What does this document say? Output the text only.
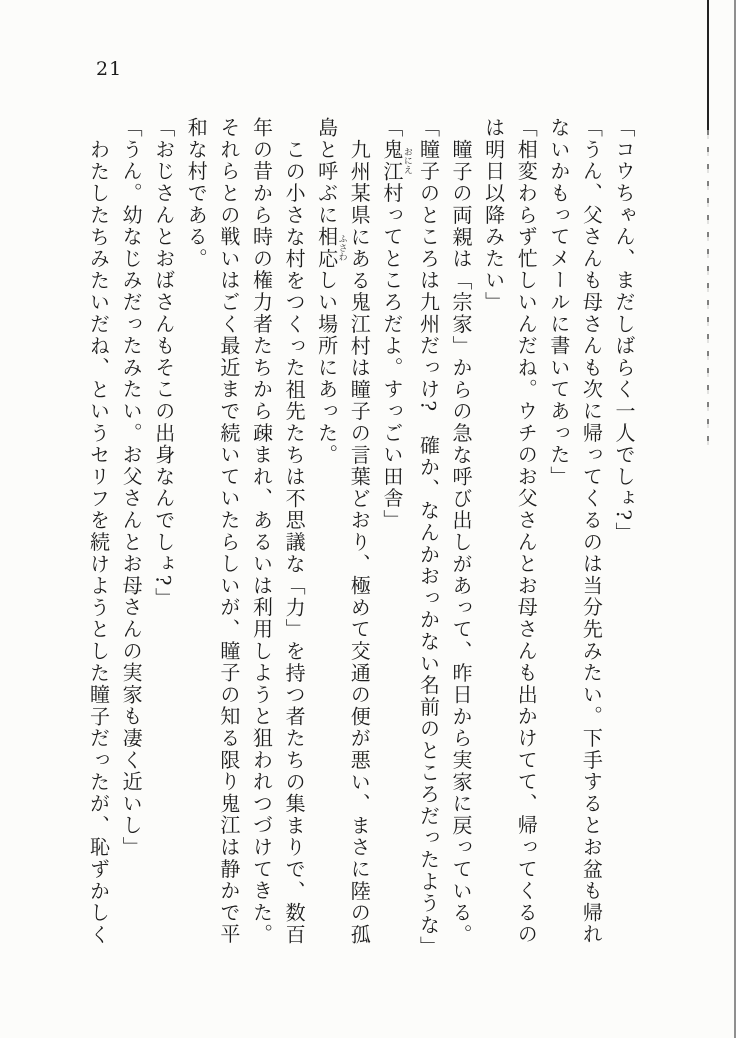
21

「コウちゃん、まだしばらく一人でしょ?」

「うん、父さんも母さんも次に帰ってくるのは当分先みたい。下手するとお盆も帰れないかもってメールに書いてあった」

「相変わらず忙しいんだね。ウチのお父さんとお母さんも出かけてて、帰ってくるのは明日以降みたい」

瞳子の両親は「宗家」からの急な呼び出しがあって、昨日から実家に戻っている。

「瞳子のところは九州だっけ?　確か、なんかおっかない名前のところだったような」

「鬼江おにえ村ってところだよ。すっごい田舎」

九州某県にある鬼江村は瞳子の言葉どおり、極めて交通の便が悪い、まさに陸の孤島と呼ぶに相応ふさわしい場所にあった。

この小さな村をつくった祖先たちは不思議な「力」を持つ者たちの集まりで、数百年の昔から時の権力者たちから疎まれ、あるいは利用しようと狙われつづけてきた。それらとの戦いはごく最近まで続いていたらしいが、瞳子の知る限り鬼江は静かで平和な村である。

「おじさんとおばさんもそこの出身なんでしょ?」

「うん。幼なじみだったみたい。お父さんとお母さんの実家も凄く近いし」

わたしたちみたいだね、というセリフを続けようとした瞳子だったが、恥ずかしく
